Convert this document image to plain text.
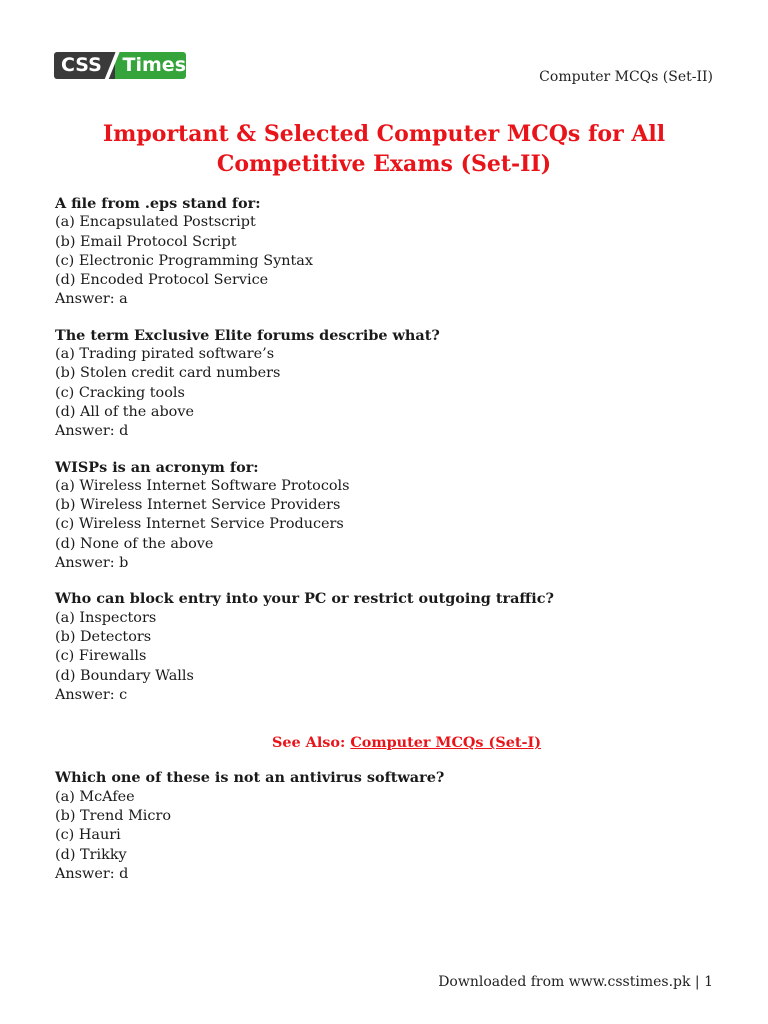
CSS	Times
Computer MCQs (Set-II)
Important & Selected Computer MCQs for All
Competitive Exams (Set-II)
A file from .eps stand for:
(a) Encapsulated Postscript
(b) Email Protocol Script
(c) Electronic Programming Syntax
(d) Encoded Protocol Service
Answer: a
The term Exclusive Elite forums describe what?
(a) Trading pirated software’s
(b) Stolen credit card numbers
(c) Cracking tools
(d) All of the above
Answer: d
WISPs is an acronym for:
(a) Wireless Internet Software Protocols
(b) Wireless Internet Service Providers
(c) Wireless Internet Service Producers
(d) None of the above
Answer: b
Who can block entry into your PC or restrict outgoing traffic?
(a) Inspectors
(b) Detectors
(c) Firewalls
(d) Boundary Walls
Answer: c
See Also: Computer MCQs (Set-I)
Which one of these is not an antivirus software?
(a) McAfee
(b) Trend Micro
(c) Hauri
(d) Trikky
Answer: d
Downloaded from www.csstimes.pk | 1
